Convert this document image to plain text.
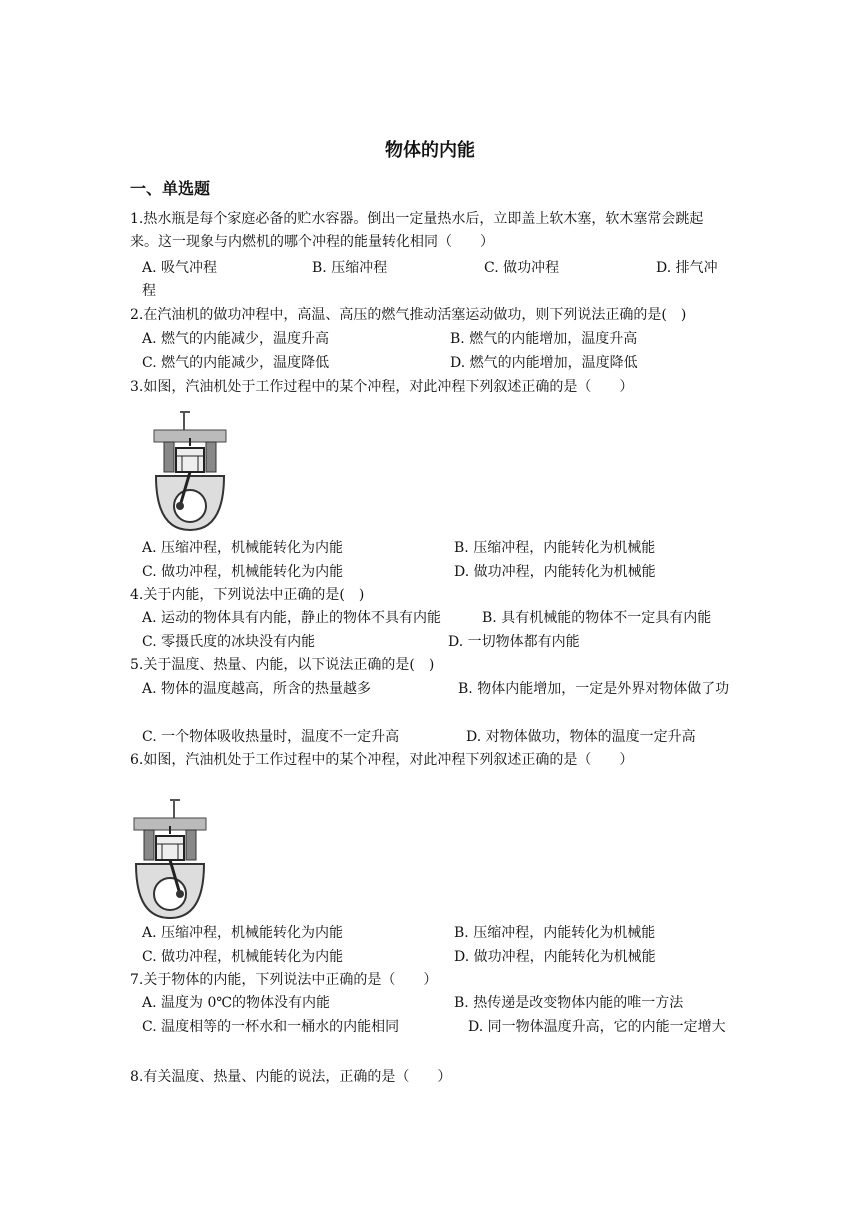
物体的内能
一、单选题
1.热水瓶是每个家庭必备的贮水容器。倒出一定量热水后，立即盖上软木塞，软木塞常会跳起来。这一现象与内燃机的哪个冲程的能量转化相同（　　）
A. 吸气冲程	B. 压缩冲程	C. 做功冲程	D. 排气冲程
2.在汽油机的做功冲程中，高温、高压的燃气推动活塞运动做功，则下列说法正确的是(　)
A. 燃气的内能减少，温度升高	B. 燃气的内能增加，温度升高
C. 燃气的内能减少，温度降低	D. 燃气的内能增加，温度降低
3.如图，汽油机处于工作过程中的某个冲程，对此冲程下列叙述正确的是（　　）
A. 压缩冲程，机械能转化为内能	B. 压缩冲程，内能转化为机械能
C. 做功冲程，机械能转化为内能	D. 做功冲程，内能转化为机械能
4.关于内能，下列说法中正确的是(　)
A. 运动的物体具有内能，静止的物体不具有内能	B. 具有机械能的物体不一定具有内能
C. 零摄氏度的冰块没有内能	D. 一切物体都有内能
5.关于温度、热量、内能，以下说法正确的是(　)
A. 物体的温度越高，所含的热量越多	B. 物体内能增加，一定是外界对物体做了功
C. 一个物体吸收热量时，温度不一定升高	D. 对物体做功，物体的温度一定升高
6.如图，汽油机处于工作过程中的某个冲程，对此冲程下列叙述正确的是（　　）
A. 压缩冲程，机械能转化为内能	B. 压缩冲程，内能转化为机械能
C. 做功冲程，机械能转化为内能	D. 做功冲程，内能转化为机械能
7.关于物体的内能，下列说法中正确的是（　　）
A. 温度为 0℃的物体没有内能	B. 热传递是改变物体内能的唯一方法
C. 温度相等的一杯水和一桶水的内能相同	D. 同一物体温度升高，它的内能一定增大
8.有关温度、热量、内能的说法，正确的是（　　）
